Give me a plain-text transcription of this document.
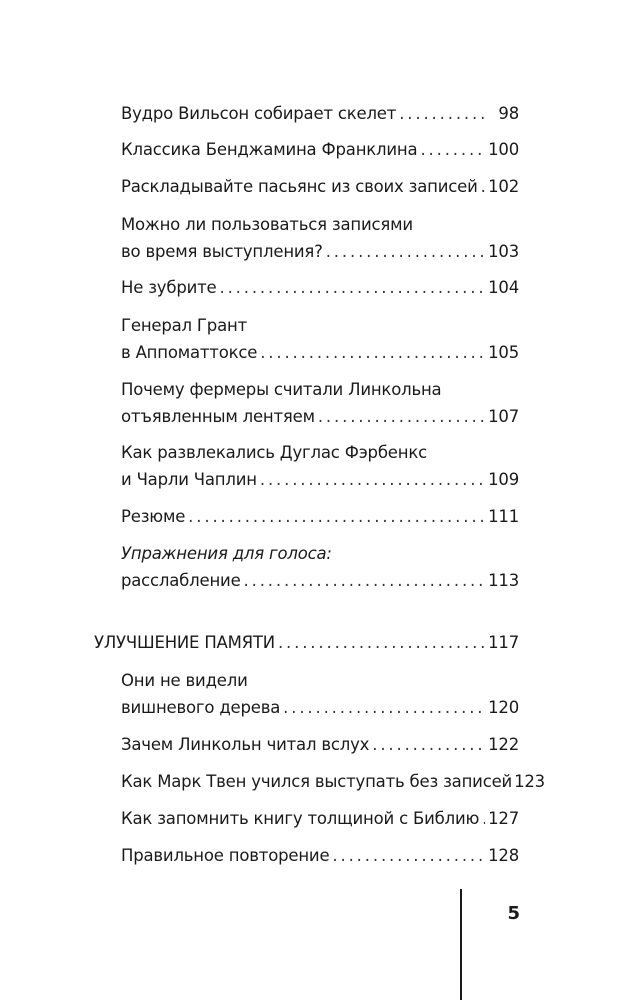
Вудро Вильсон собирает скелет . . .	98
Классика Бенджамина Франклина . . .	100
Раскладывайте пасьянс из своих записей . . . 102
Можно ли пользоваться записями
во время выступления? . . .	103
Не зубрите . . .	104
Генерал Грант
в Аппоматтоксе . . .	105
Почему фермеры считали Линкольна
отъявленным лентяем . . .	107
Как развлекались Дуглас Фэрбенкс
и Чарли Чаплин . . .	109
Резюме . . .	111
Упражнения для голоса:
расслабление . . .	113
УЛУЧШЕНИЕ ПАМЯТИ . . .	117
Они не видели
вишневого дерева . . .	120
Зачем Линкольн читал вслух . . .	122
Как Марк Твен учился выступать без записей 123
Как запомнить книгу толщиной с Библию . . . 127
Правильное повторение . . .	128
5
